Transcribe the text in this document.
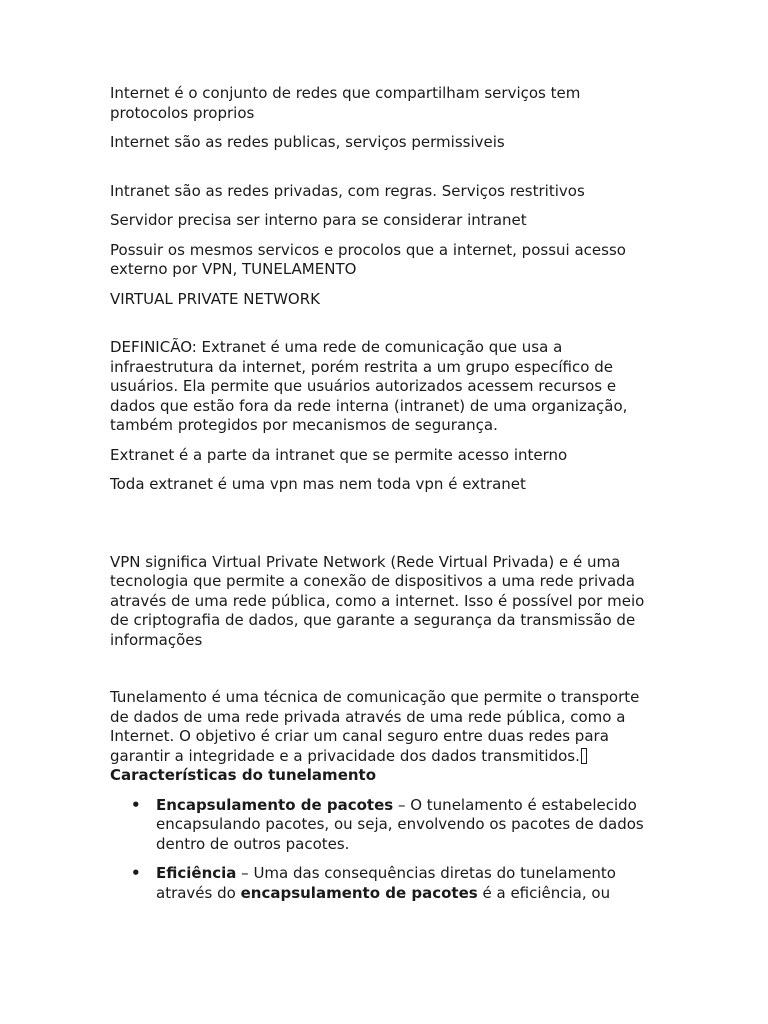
Internet é o conjunto de redes que compartilham serviços tem protocolos proprios

Internet são as redes publicas, serviços permissiveis

Intranet são as redes privadas, com regras. Serviços restritivos

Servidor precisa ser interno para se considerar intranet

Possuir os mesmos servicos e procolos que a internet, possui acesso externo por VPN, TUNELAMENTO

VIRTUAL PRIVATE NETWORK

DEFINICÃO: Extranet é uma rede de comunicação que usa a infraestrutura da internet, porém restrita a um grupo específico de usuários. Ela permite que usuários autorizados acessem recursos e dados que estão fora da rede interna (intranet) de uma organização, também protegidos por mecanismos de segurança.

Extranet é a parte da intranet que se permite acesso interno

Toda extranet é uma vpn mas nem toda vpn é extranet

VPN significa Virtual Private Network (Rede Virtual Privada) e é uma tecnologia que permite a conexão de dispositivos a uma rede privada através de uma rede pública, como a internet. Isso é possível por meio de criptografia de dados, que garante a segurança da transmissão de informações

Tunelamento é uma técnica de comunicação que permite o transporte de dados de uma rede privada através de uma rede pública, como a Internet. O objetivo é criar um canal seguro entre duas redes para garantir a integridade e a privacidade dos dados transmitidos.

Características do tunelamento

• Encapsulamento de pacotes – O tunelamento é estabelecido encapsulando pacotes, ou seja, envolvendo os pacotes de dados dentro de outros pacotes.
• Eficiência – Uma das consequências diretas do tunelamento através do encapsulamento de pacotes é a eficiência, ou
